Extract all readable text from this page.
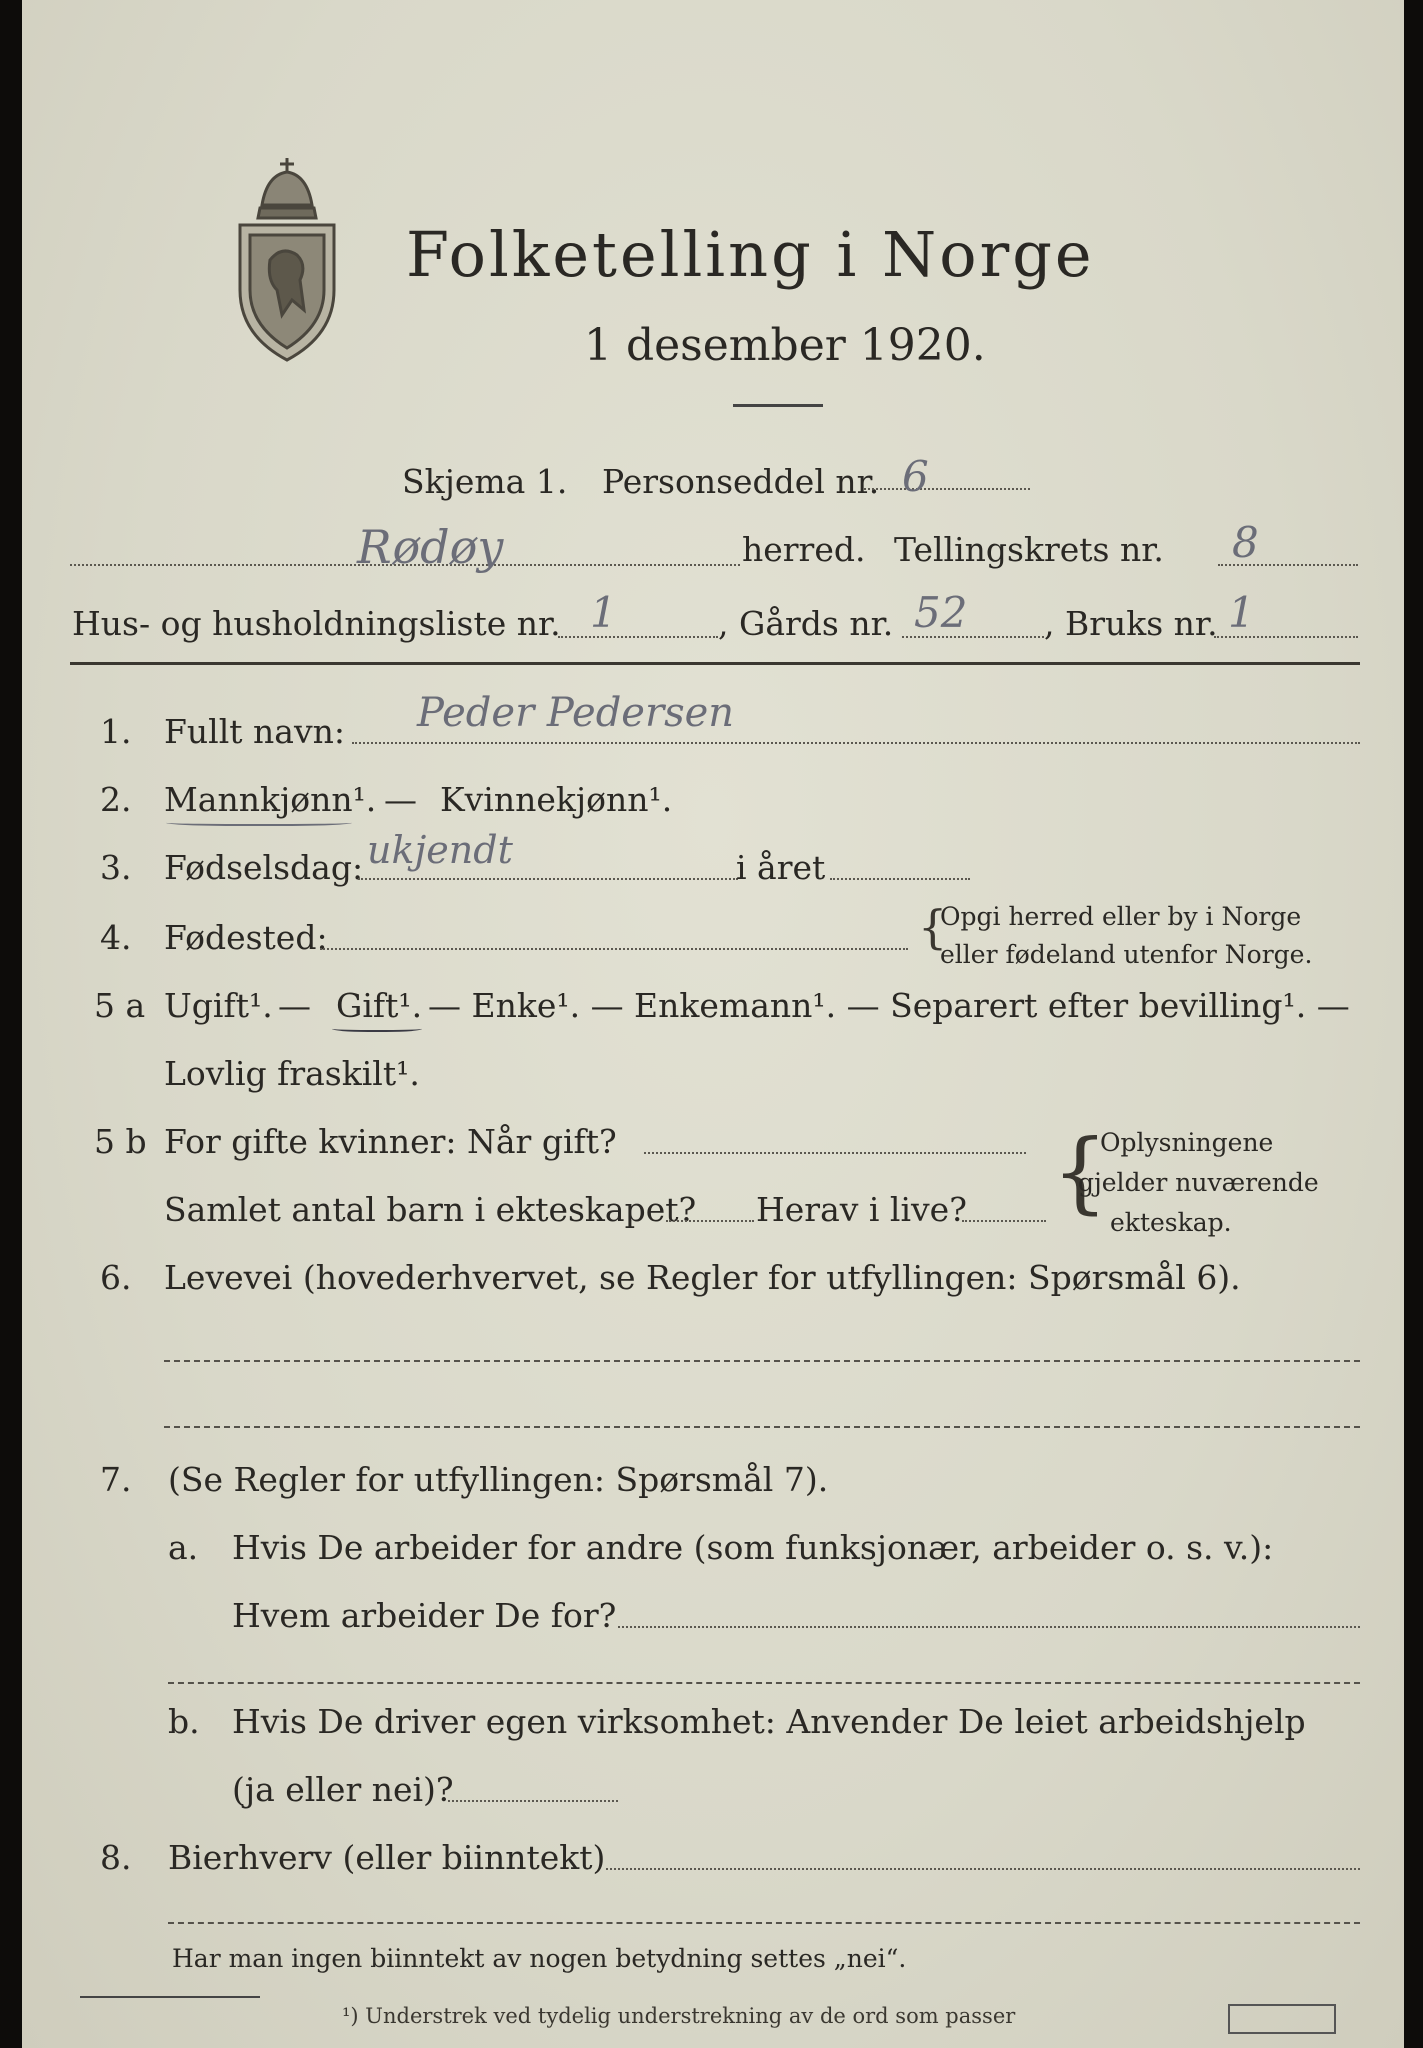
Folketelling i Norge
1 desember 1920.
Skjema 1. Personseddel nr. 6
Rødøy	herred. Tellingskrets nr. 8
Hus- og husholdningsliste nr. 1	, Gårds nr. 52 , Bruks nr. 1
1. Fullt navn: Peder Pedersen
2. Mannkjønn¹. — Kvinnekjønn¹.
3. Fødselsdag: ukjendt	i året
4. Fødested:	{
Opgi herred eller by i Norge
eller fødeland utenfor Norge.
5 a Ugift¹. — Gift¹. — Enke¹. — Enkemann¹. — Separert efter bevilling¹. —
Lovlig fraskilt¹.
5 b For gifte kvinner: Når gift?
Samlet antal barn i ekteskapet? Herav i live? {
Oplysningene
gjelder nuværende
ekteskap.
6. Levevei (hovederhvervet, se Regler for utfyllingen: Spørsmål 6).
7. (Se Regler for utfyllingen: Spørsmål 7).
a. Hvis De arbeider for andre (som funksjonær, arbeider o. s. v.):
Hvem arbeider De for?
b. Hvis De driver egen virksomhet: Anvender De leiet arbeidshjelp
(ja eller nei)?
8. Bierhverv (eller biinntekt)
Har man ingen biinntekt av nogen betydning settes „nei“.
¹) Understrek ved tydelig understrekning av de ord som passer
